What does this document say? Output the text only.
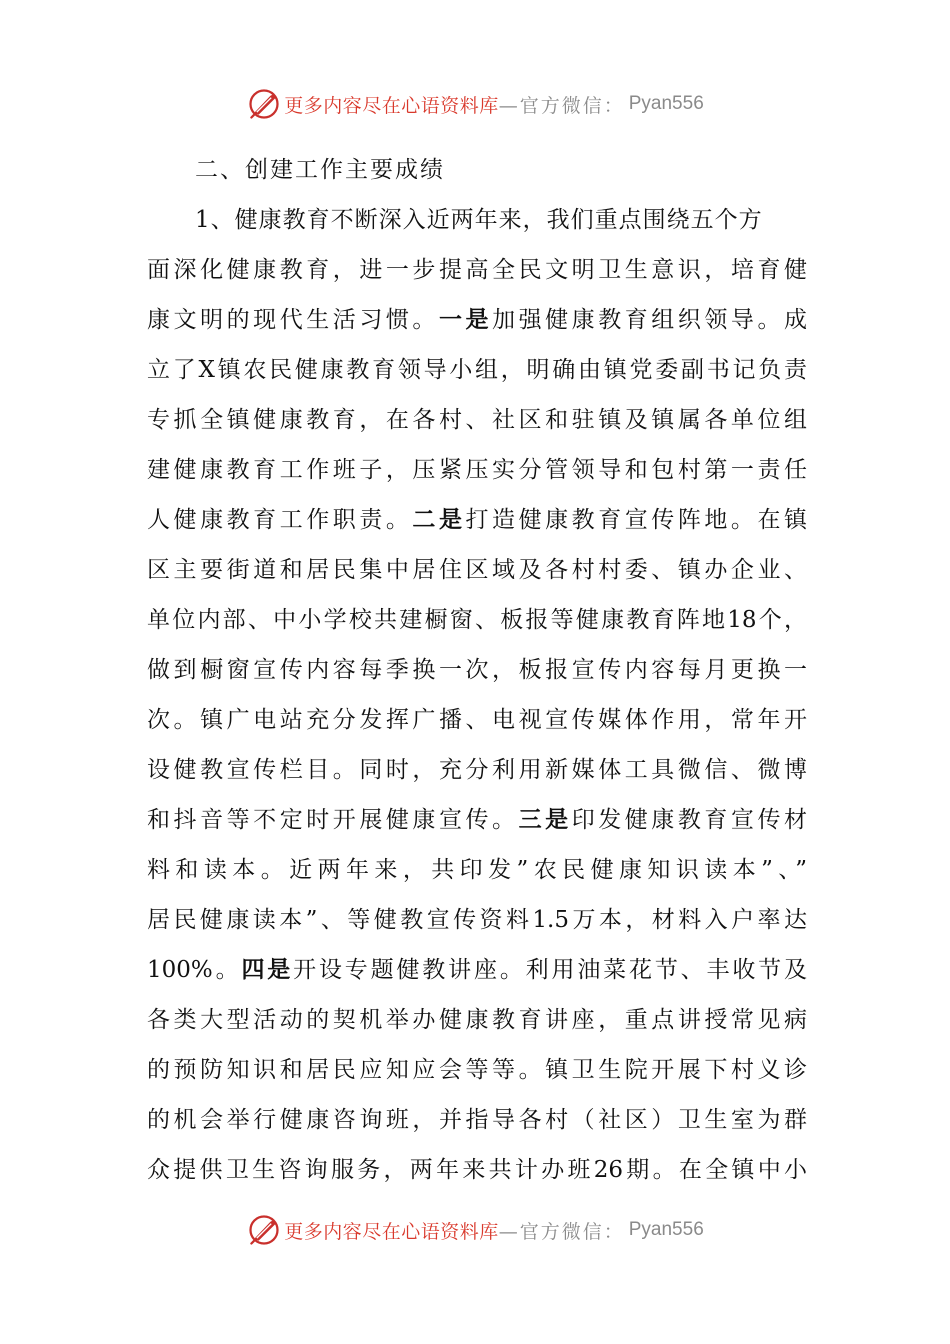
更多内容尽在心语资料库 —官方微信： Pyan556
二、创建工作主要成绩
1、健康教育不断深入近两年来，我们重点围绕五个方
面深化健康教育，进一步提高全民文明卫生意识，培育健
康文明的现代生活习惯。一是加强健康教育组织领导。成
立了X镇农民健康教育领导小组，明确由镇党委副书记负责
专抓全镇健康教育，在各村、社区和驻镇及镇属各单位组
建健康教育工作班子，压紧压实分管领导和包村第一责任
人健康教育工作职责。二是打造健康教育宣传阵地。在镇
区主要街道和居民集中居住区域及各村村委、镇办企业、
单位内部、中小学校共建橱窗、板报等健康教育阵地18个，
做到橱窗宣传内容每季换一次，板报宣传内容每月更换一
次。镇广电站充分发挥广播、电视宣传媒体作用，常年开
设健教宣传栏目。同时，充分利用新媒体工具微信、微博
和抖音等不定时开展健康宣传。三是印发健康教育宣传材
料和读本。近两年来，共印发”农民健康知识读本”、”
居民健康读本”、等健教宣传资料1.5万本，材料入户率达
100%。四是开设专题健教讲座。利用油菜花节、丰收节及
各类大型活动的契机举办健康教育讲座，重点讲授常见病
的预防知识和居民应知应会等等。镇卫生院开展下村义诊
的机会举行健康咨询班，并指导各村（社区）卫生室为群
众提供卫生咨询服务，两年来共计办班26期。在全镇中小
更多内容尽在心语资料库 —官方微信： Pyan556
